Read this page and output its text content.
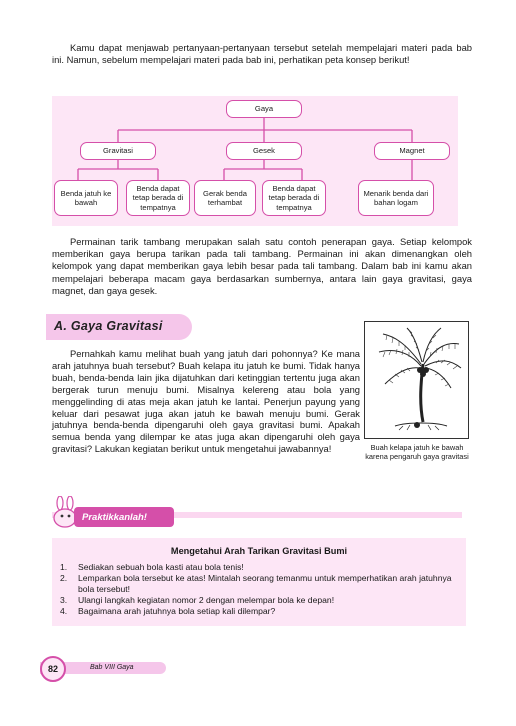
Kamu dapat menjawab pertanyaan-pertanyaan tersebut setelah mempelajari materi pada bab ini. Namun, sebelum mempelajari materi pada bab ini, perhatikan peta konsep berikut!

Gaya
Gravitasi	Gesek	Magnet
Benda jatuh ke bawah
Benda dapat tetap berada di tempatnya
Gerak benda terhambat
Benda dapat tetap berada di tempatnya
Menarik benda dari bahan logam

Permainan tarik tambang merupakan salah satu contoh penerapan gaya. Setiap kelompok memberikan gaya berupa tarikan pada tali tambang. Permainan ini akan dimenangkan oleh kelompok yang dapat memberikan gaya lebih besar pada tali tambang. Dalam bab ini kamu akan mempelajari beberapa macam gaya berdasarkan sumbernya, antara lain gaya gravitasi, gaya magnet, dan gaya gesek.

A. Gaya Gravitasi

Pernahkah kamu melihat buah yang jatuh dari pohonnya? Ke mana arah jatuhnya buah tersebut? Buah kelapa itu jatuh ke bumi. Tidak hanya buah, benda-benda lain jika dijatuhkan dari ketinggian tertentu juga akan bergerak turun menuju bumi. Misalnya kelereng atau bola yang menggelinding di atas meja akan jatuh ke lantai. Penerjun payung yang keluar dari pesawat juga akan jatuh ke bawah menuju bumi. Gerak jatuhnya benda-benda dipengaruhi oleh gaya gravitasi bumi. Apakah semua benda yang dilempar ke atas juga akan dipengaruhi oleh gaya gravitasi? Lakukan kegiatan berikut untuk mengetahui jawabannya!	Buah kelapa jatuh ke bawah karena pengaruh gaya gravitasi

Praktikkanlah!
Mengetahui Arah Tarikan Gravitasi Bumi
1.	Sediakan sebuah bola kasti atau bola tenis!
2.	Lemparkan bola tersebut ke atas! Mintalah seorang temanmu untuk memperhatikan arah jatuhnya bola tersebut!
3.	Ulangi langkah kegiatan nomor 2 dengan melempar bola ke depan!
4.	Bagaimana arah jatuhnya bola setiap kali dilempar?
82	Bab VIII Gaya
